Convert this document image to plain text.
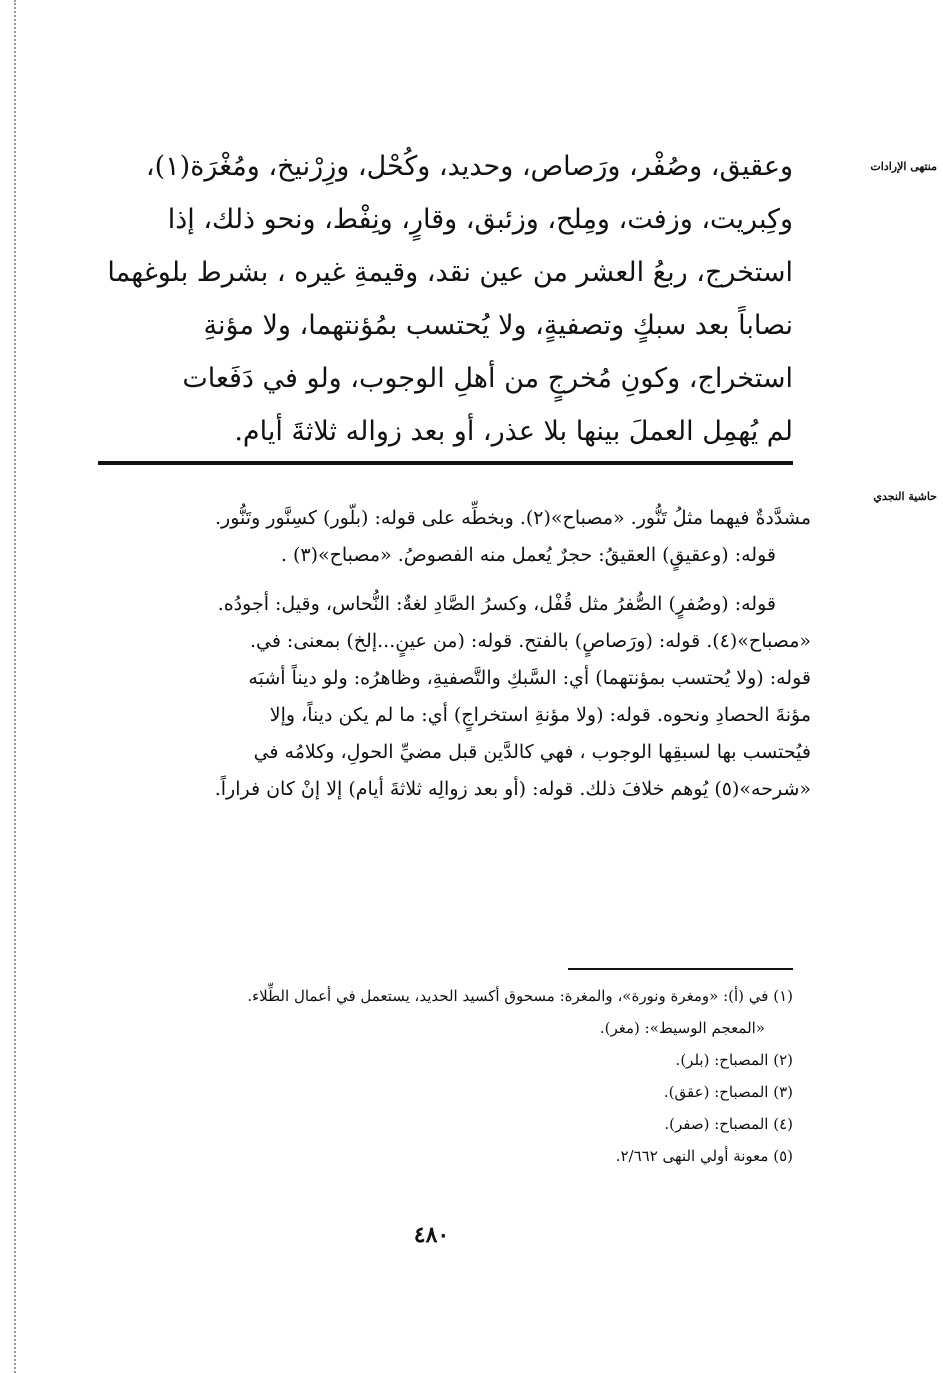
منتهى الإرادات
حاشية النجدي
وعقيق، وصُفْر، ورَصاص، وحديد، وكُحْل، وزِرْنيخ، ومُغْرَة(١)،
وكِبريت، وزفت، ومِلح، وزئبق، وقارٍ، ونِفْط، ونحو ذلك، إذا
استخرج، ربعُ العشر من عين نقد، وقيمةِ غيره ، بشرط بلوغهما
نصاباً بعد سبكٍ وتصفيةٍ، ولا يُحتسب بمُؤنتهما، ولا مؤنةِ
استخراج، وكونِ مُخرجٍ من أهلِ الوجوب، ولو في دَفَعات
لم يُهمِل العملَ بينها بلا عذر، أو بعد زواله ثلاثةَ أيام.
مشدَّدةٌ فيهما مثلُ تَنُّور. «مصباح»(٢). وبخطِّه على قوله: (بلّور) كسِنَّور وتَنُّور.
قوله: (وعقيقٍ) العقيقُ: حجرٌ يُعمل منه الفصوصُ. «مصباح»(٣) .
قوله: (وصُفرٍ) الصُّفرُ مثل قُفْل، وكسرُ الصَّادِ لغةٌ: النُّحاس، وقيل: أجودُه.
«مصباح»(٤). قوله: (ورَصاصٍ) بالفتح. قوله: (من عينٍ...إلخ) بمعنى: في.
قوله: (ولا يُحتسب بمؤنتهما) أي: السَّبكِ والتَّصفيةِ، وظاهرُه: ولو ديناً أشبَه
مؤنةَ الحصادِ ونحوه. قوله: (ولا مؤنةِ استخراجٍ) أي: ما لم يكن ديناً، وإلا
فيُحتسب بها لسبقِها الوجوب ، فهي كالدَّين قبل مضيِّ الحولِ، وكلامُه في
«شرحه»(٥) يُوهم خلافَ ذلك. قوله: (أو بعد زوالِه ثلاثةَ أيام) إلا إنْ كان فراراً.
(١) في (أ): «ومغرة ونورة»، والمغرة: مسحوق أكسيد الحديد، يستعمل في أعمال الطِّلاء.
«المعجم الوسيط»: (مغر).
(٢) المصباح: (بلر).
(٣) المصباح: (عقق).
(٤) المصباح: (صفر).
(٥) معونة أولي النهى ٢/٦٦٢.
٤٨٠
